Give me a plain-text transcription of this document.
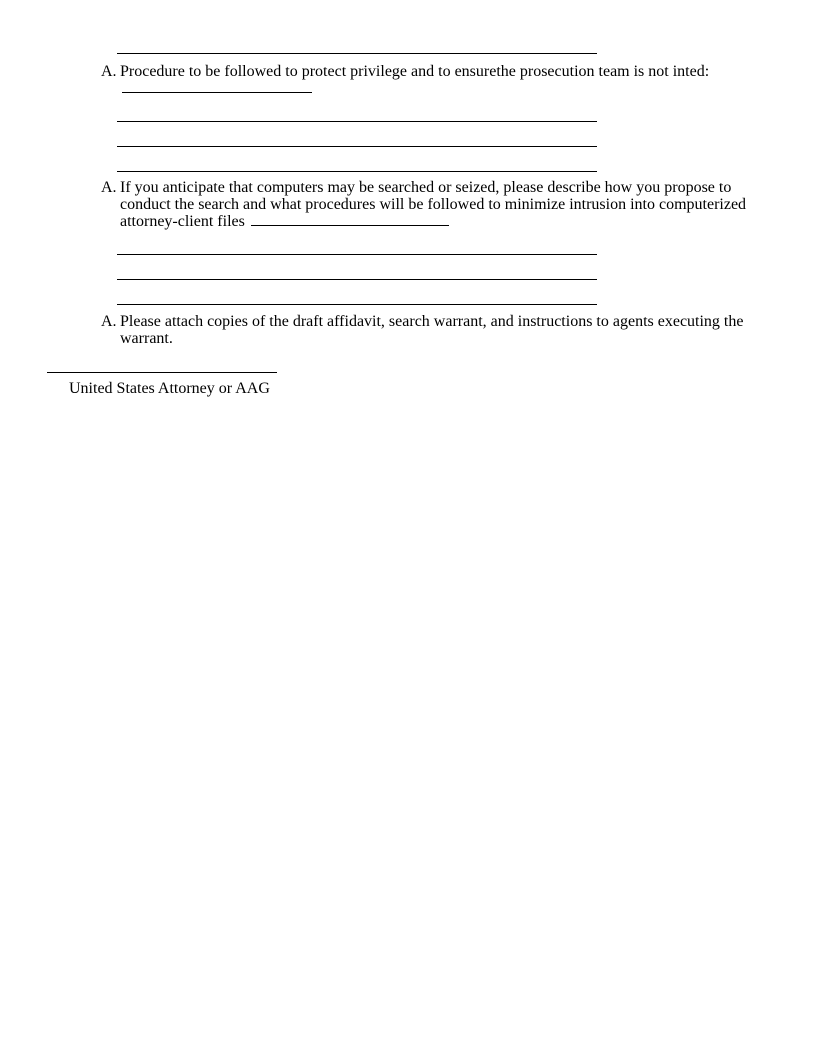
A. Procedure to be followed to protect privilege and to ensurethe prosecution team is not inted:

A. If you anticipate that computers may be searched or seized, please describe how you propose to conduct the search and what procedures will be followed to minimize intrusion into computerized attorney-client files

A. Please attach copies of the draft affidavit, search warrant, and instructions to agents executing the warrant.

United States Attorney or AAG
